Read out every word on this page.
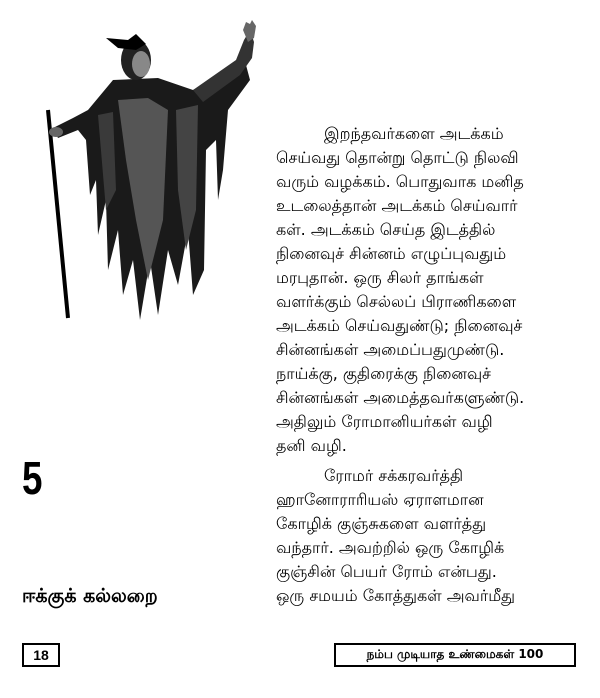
5
ஈக்குக் கல்லறை

இறந்தவர்களை அடக்கம்
செய்வது தொன்று தொட்டு நிலவி
வரும் வழக்கம். பொதுவாக மனித
உடலைத்தான் அடக்கம் செய்வார்
கள். அடக்கம் செய்த இடத்தில்
நினைவுச் சின்னம் எழுப்புவதும்
மரபுதான். ஒரு சிலர் தாங்கள்
வளர்க்கும் செல்லப் பிராணிகளை
அடக்கம் செய்வதுண்டு; நினைவுச்
சின்னங்கள் அமைப்பதுமுண்டு.
நாய்க்கு, குதிரைக்கு நினைவுச்
சின்னங்கள் அமைத்தவர்களுண்டு.
அதிலும் ரோமானியர்கள் வழி
தனி வழி.

ரோமர் சக்கரவர்த்தி
ஹானோராரியஸ் ஏராளமான
கோழிக் குஞ்சுகளை வளர்த்து
வந்தார். அவற்றில் ஒரு கோழிக்
குஞ்சின் பெயர் ரோம் என்பது.
ஒரு சமயம் கோத்துகள் அவர்மீது

18	நம்ப முடியாத உண்மைகள் 100
